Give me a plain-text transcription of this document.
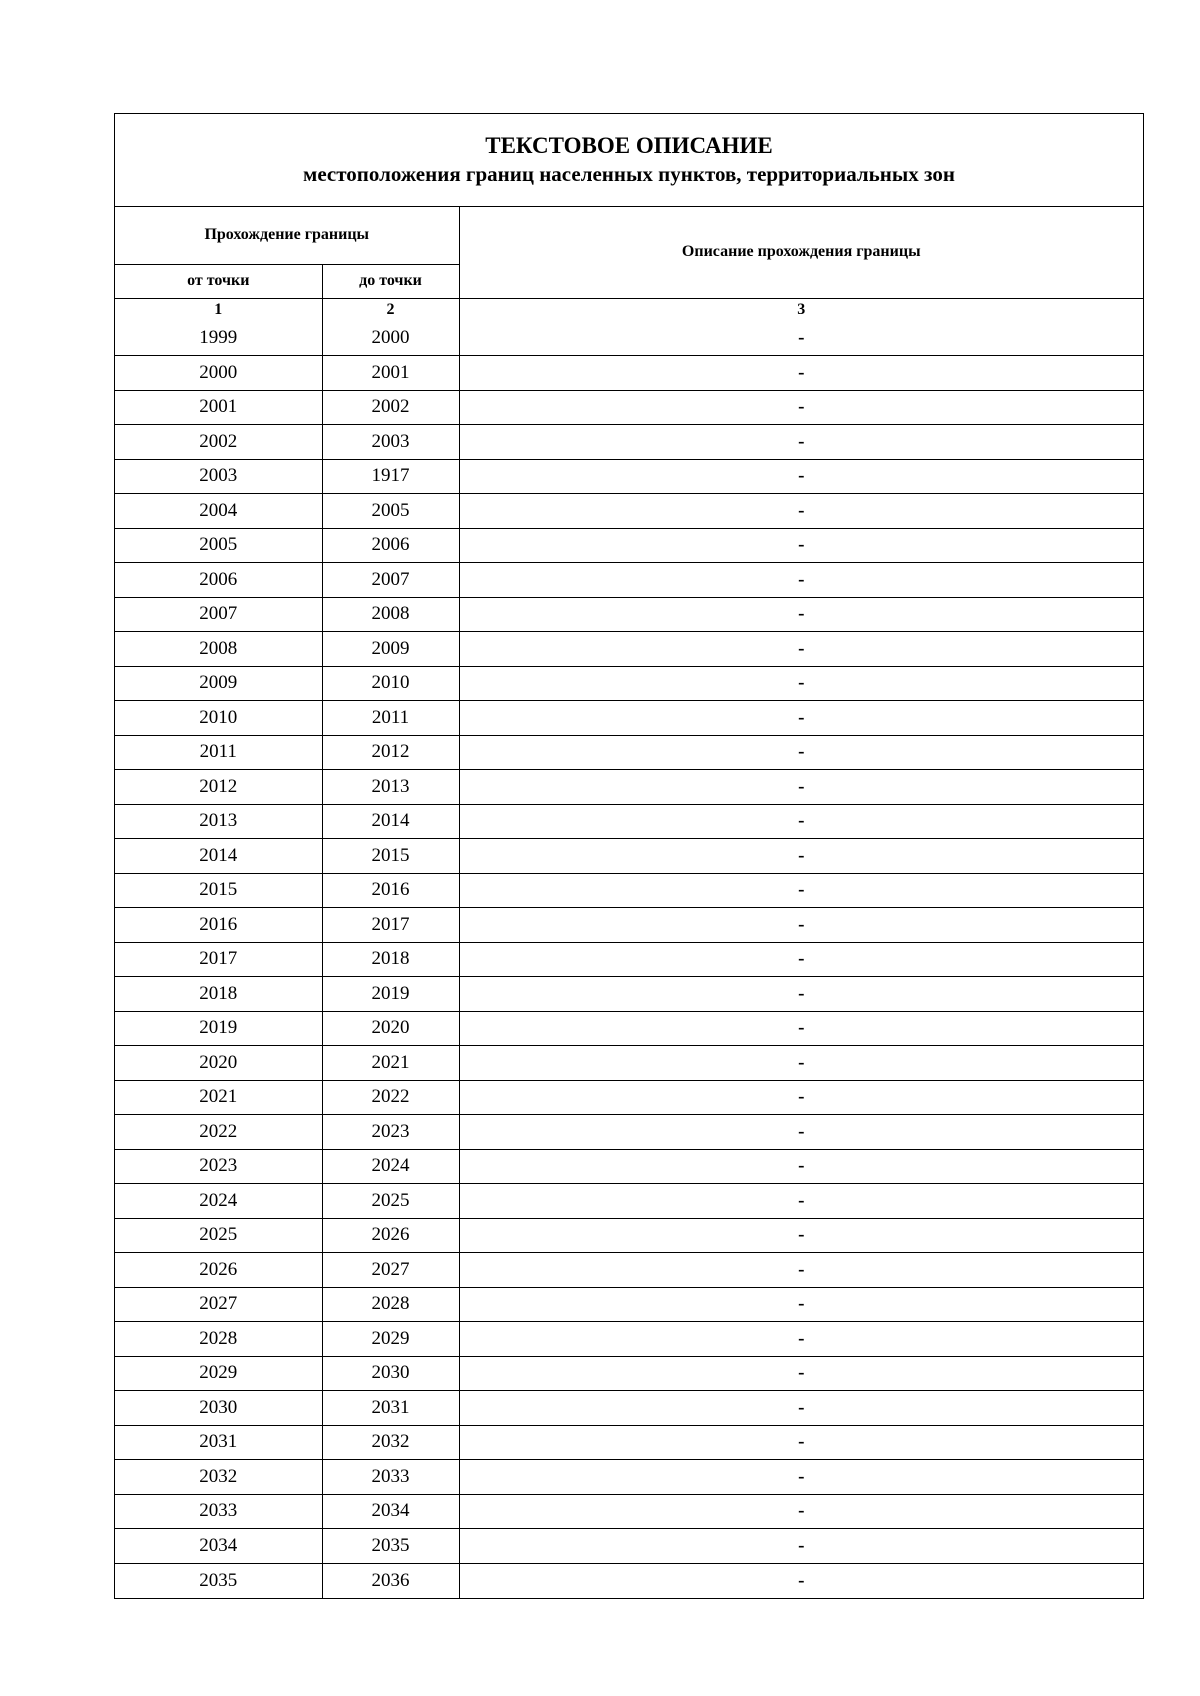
ТЕКСТОВОЕ ОПИСАНИЕ
местоположения границ населенных пунктов, территориальных зон
Прохождение границы		Описание прохождения границы
от точки	до точки	
1	2	3
1999	2000	-
2000	2001	-
2001	2002	-
2002	2003	-
2003	1917	-
2004	2005	-
2005	2006	-
2006	2007	-
2007	2008	-
2008	2009	-
2009	2010	-
2010	2011	-
2011	2012	-
2012	2013	-
2013	2014	-
2014	2015	-
2015	2016	-
2016	2017	-
2017	2018	-
2018	2019	-
2019	2020	-
2020	2021	-
2021	2022	-
2022	2023	-
2023	2024	-
2024	2025	-
2025	2026	-
2026	2027	-
2027	2028	-
2028	2029	-
2029	2030	-
2030	2031	-
2031	2032	-
2032	2033	-
2033	2034	-
2034	2035	-
2035	2036	-
